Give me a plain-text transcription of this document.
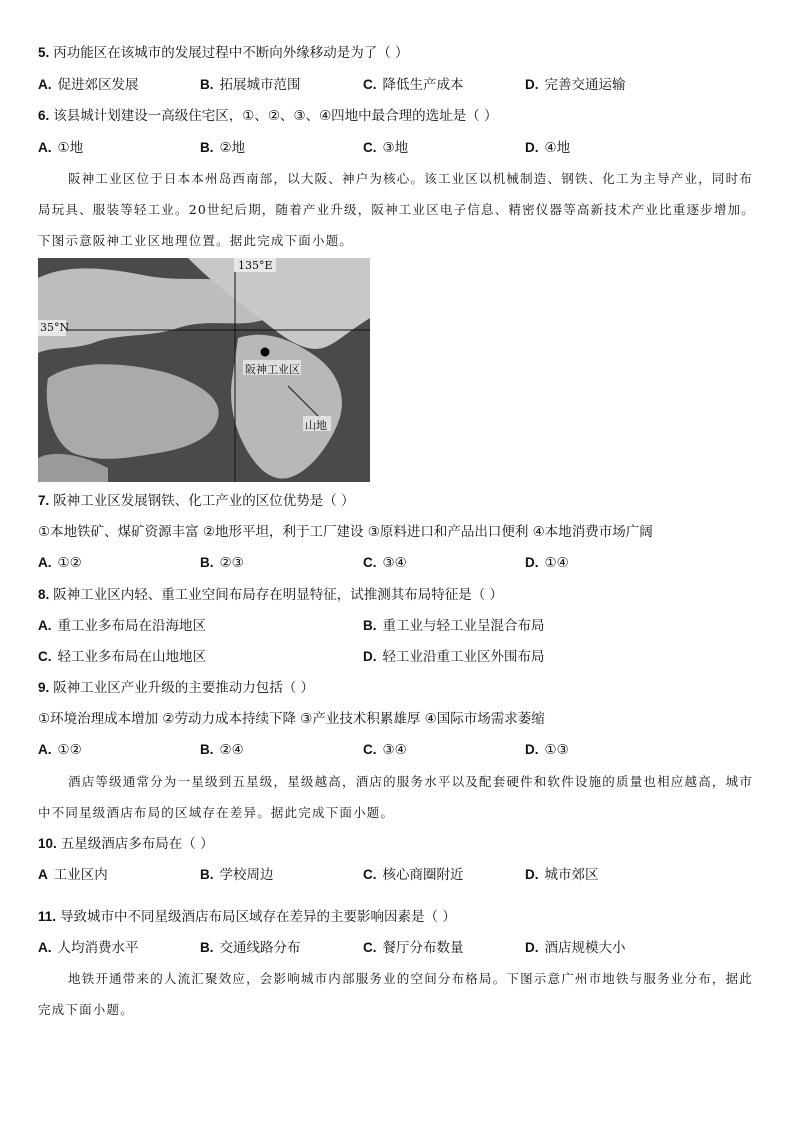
5. 丙功能区在该城市的发展过程中不断向外缘移动是为了（ ）
A. 促进郊区发展	B. 拓展城市范围	C. 降低生产成本	D. 完善交通运输
6. 该县城计划建设一高级住宅区，①、②、③、④四地中最合理的选址是（ ）
A. ①地	B. ②地	C. ③地	D. ④地
阪神工业区位于日本本州岛西南部，以大阪、神户为核心。该工业区以机械制造、钢铁、化工为主导产业，同时布局玩具、服装等轻工业。20世纪后期，随着产业升级，阪神工业区电子信息、精密仪器等高新技术产业比重逐步增加。下图示意阪神工业区地理位置。据此完成下面小题。
135°E
35°N
阪神工业区
山地
7. 阪神工业区发展钢铁、化工产业的区位优势是（ ）
①本地铁矿、煤矿资源丰富 ②地形平坦，利于工厂建设 ③原料进口和产品出口便利 ④本地消费市场广阔
A. ①②	B. ②③	C. ③④	D. ①④
8. 阪神工业区内轻、重工业空间布局存在明显特征，试推测其布局特征是（ ）
A. 重工业多布局在沿海地区	B. 重工业与轻工业呈混合布局
C. 轻工业多布局在山地地区	D. 轻工业沿重工业区外围布局
9. 阪神工业区产业升级的主要推动力包括（ ）
①环境治理成本增加 ②劳动力成本持续下降 ③产业技术积累雄厚 ④国际市场需求萎缩
A. ①②	B. ②④	C. ③④	D. ①③
酒店等级通常分为一星级到五星级，星级越高，酒店的服务水平以及配套硬件和软件设施的质量也相应越高，城市中不同星级酒店布局的区域存在差异。据此完成下面小题。
10. 五星级酒店多布局在（ ）
A 工业区内	B. 学校周边	C. 核心商圈附近	D. 城市郊区
11. 导致城市中不同星级酒店布局区域存在差异的主要影响因素是（ ）
A. 人均消费水平	B. 交通线路分布	C. 餐厅分布数量	D. 酒店规模大小
地铁开通带来的人流汇聚效应，会影响城市内部服务业的空间分布格局。下图示意广州市地铁与服务业分布，据此完成下面小题。
